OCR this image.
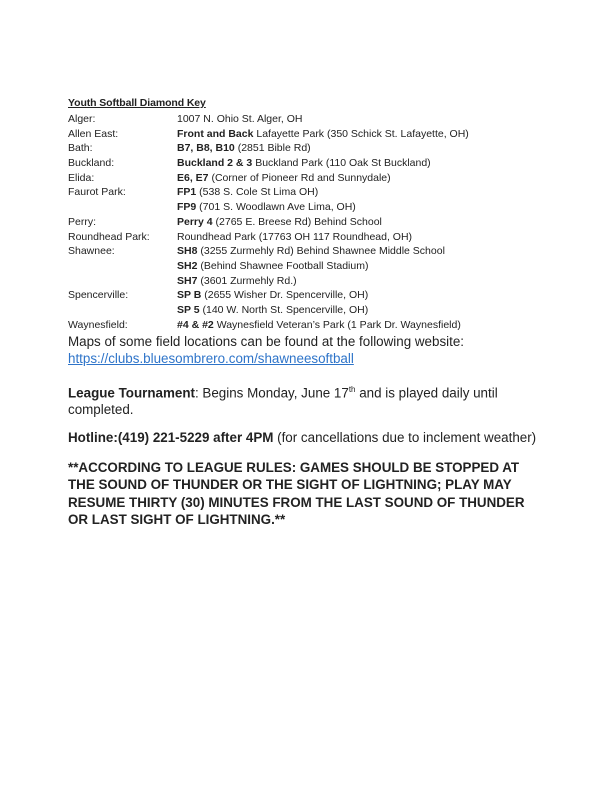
Youth Softball Diamond Key
Alger:	1007 N. Ohio St. Alger, OH
Allen East:	Front and Back Lafayette Park (350 Schick St. Lafayette, OH)
Bath:	B7, B8, B10 (2851 Bible Rd)
Buckland:	Buckland 2 & 3 Buckland Park (110 Oak St Buckland)
Elida:	E6, E7 (Corner of Pioneer Rd and Sunnydale)
Faurot Park:	FP1 (538 S. Cole St Lima OH)
FP9 (701 S. Woodlawn Ave Lima, OH)
Perry:	Perry 4 (2765 E. Breese Rd) Behind School
Roundhead Park:	Roundhead Park (17763 OH 117 Roundhead, OH)
Shawnee:	SH8 (3255 Zurmehly Rd) Behind Shawnee Middle School
SH2 (Behind Shawnee Football Stadium)
SH7 (3601 Zurmehly Rd.)
Spencerville:	SP B (2655 Wisher Dr. Spencerville, OH)
SP 5 (140 W. North St. Spencerville, OH)
Waynesfield:	#4 & #2 Waynesfield Veteran’s Park (1 Park Dr. Waynesfield)
Maps of some field locations can be found at the following website:
https://clubs.bluesombrero.com/shawneesoftball
League Tournament: Begins Monday, June 17th and is played daily until completed.
Hotline:(419) 221-5229 after 4PM (for cancellations due to inclement weather)
**ACCORDING TO LEAGUE RULES: GAMES SHOULD BE STOPPED AT THE SOUND OF THUNDER OR THE SIGHT OF LIGHTNING; PLAY MAY RESUME THIRTY (30) MINUTES FROM THE LAST SOUND OF THUNDER OR LAST SIGHT OF LIGHTNING.**
